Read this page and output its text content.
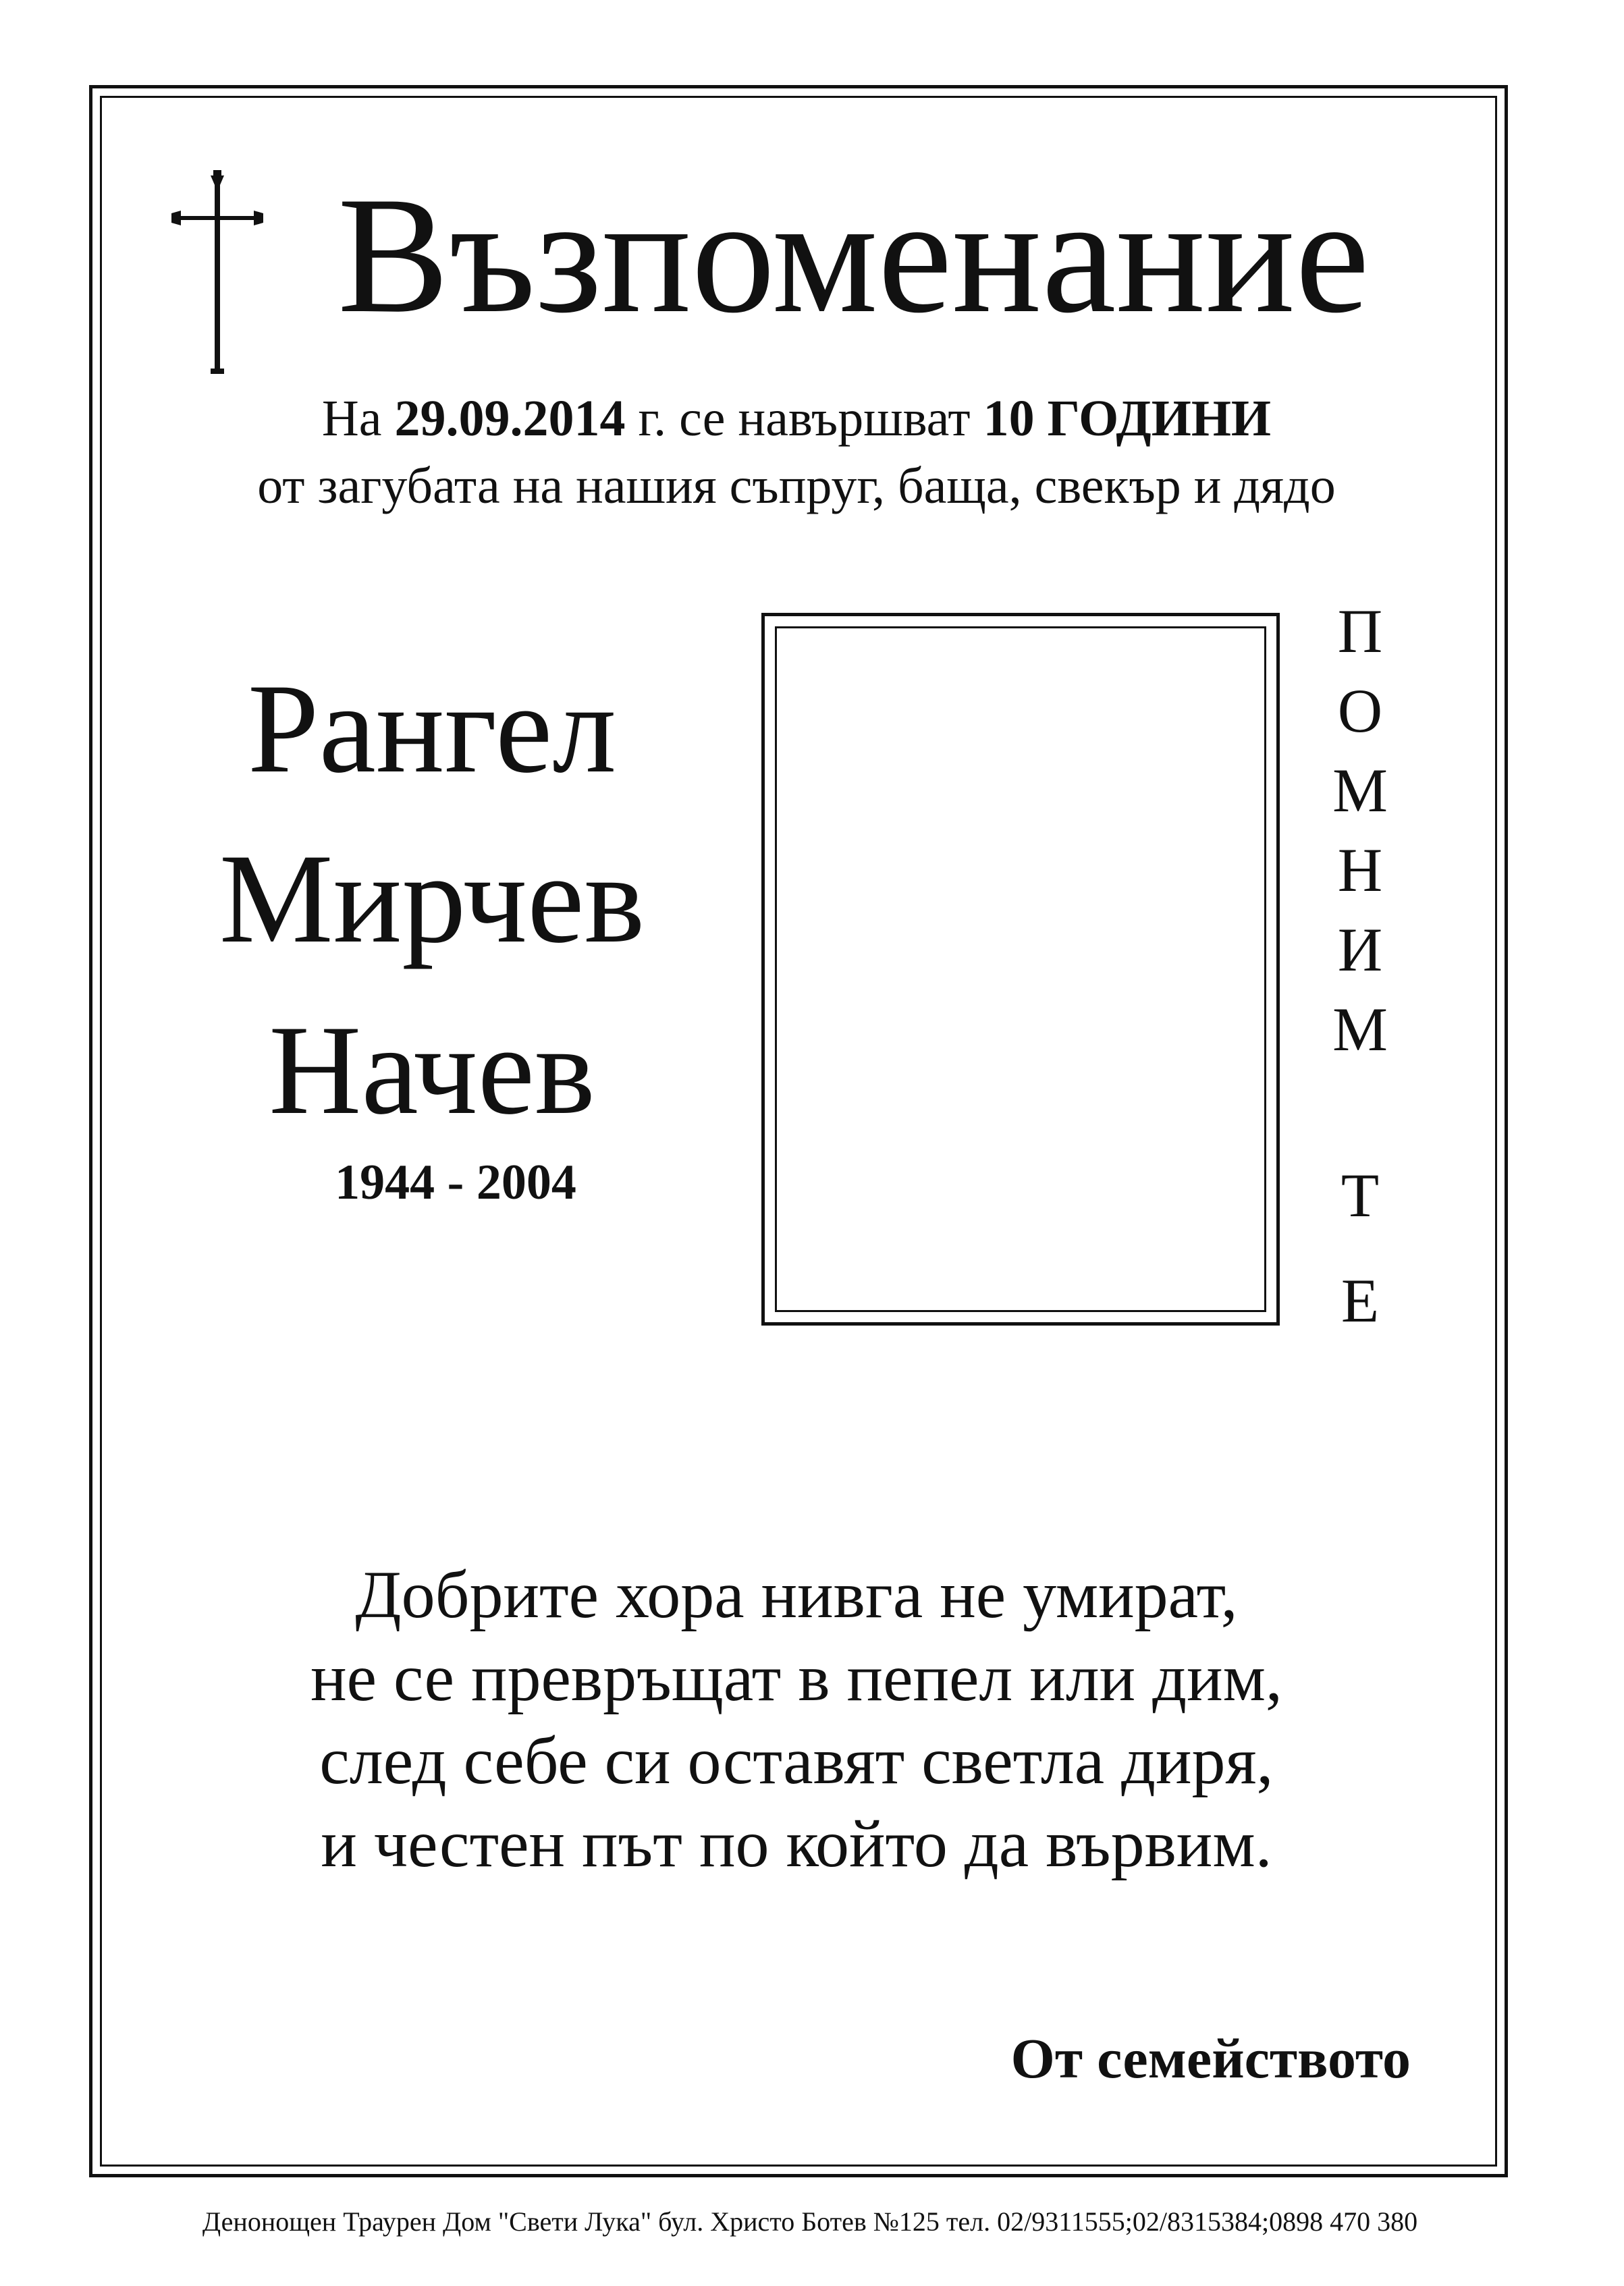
Възпоменание
На 29.09.2014 г. се навършват 10 ГОДИНИ
от загубата на нашия съпруг, баща, свекър и дядо
Рангел
Мирчев
Начев
1944 - 2004
П
О
М
Н
И
М
Т
Е
Добрите хора нивга не умират,
не се превръщат в пепел или дим,
след себе си оставят светла диря,
и честен път по който да вървим.
От семейството
Денонощен Траурен Дом "Свети Лука" бул. Христо Ботев №125 тел. 02/9311555;02/8315384;0898 470 380
